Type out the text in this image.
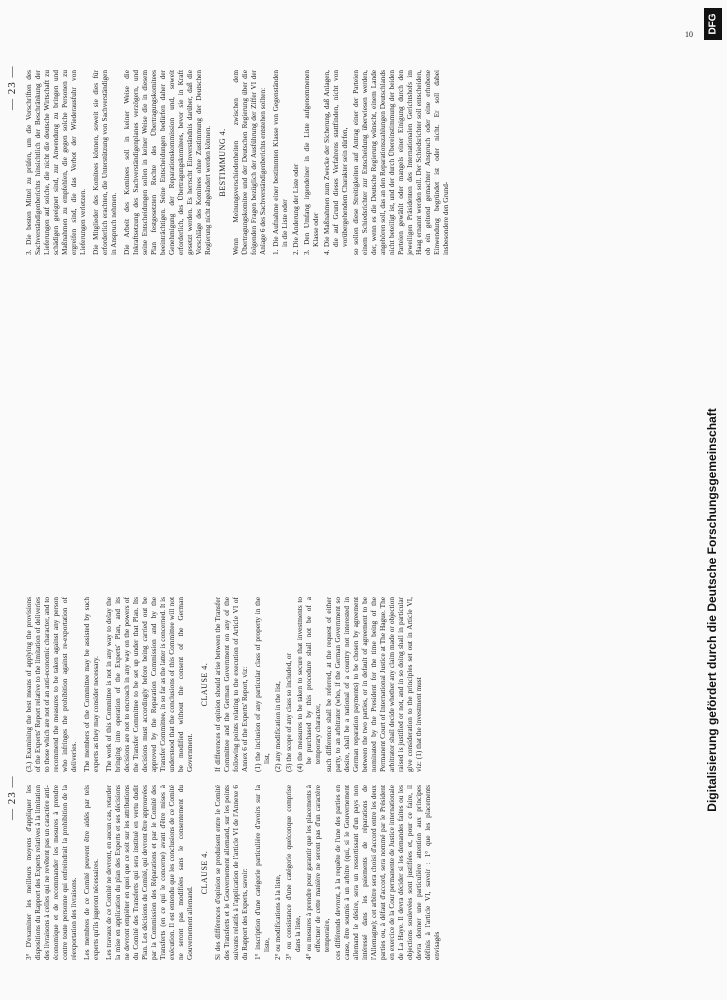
— 23 —
— 23 —

3° D'examiner les meilleurs moyens d'appliquer les dispositions du Rapport des Experts relatives à la limitation des livraisons à celles qui ne revêtent pas un caractère anti-économique et de recommander les mesures à prendre contre toute personne qui enfreindrait la prohibition de la réexportation des livraisons. Les membres de ce Comité peuvent être aidés par tels experts qu'ils jugeront nécessaires. Les travaux de ce Comité ne devront, en aucun cas, retarder la mise en application du plan des Experts et ses décisions ne devront empiéter en quoi que ce soit sur les attributions du Comité des Transferts qui sera institué en vertu dudit Plan. Les décisions du Comité, qui devront être approuvées par la Commission des Réparations et par le Comité des Transferts (en ce qui le concerne) avant d'être mises à exécution. Il est entendu que les conclusions de ce Comité ne seront pas modifiées sans le consentement du Gouvernement allemand.

CLAUSE 4. Si des différences d'opinion se produisent entre le Comité des Transferts et le Gouvernement allemand, sur les points suivants relatifs à l'application de l'article VI de l'Annexe 6 du Rapport des Experts, savoir: 1° inscription d'une catégorie particulière d'avoirs sur la liste, 2° ou modifications à la liste, 3° ou consistance d'une catégorie quelconque comprise dans la liste, 4° ou mesures à prendre pour garantir que les placements à effectuer de cette manière ne seront pas d'un caractère temporaire, ces différends devront, à la requête de l'une des parties en cause, être soumis à un arbitre (qui, si le Gouvernement allemand le désire, sera un ressortissant d'un pays non intéressé dans les paiements de réparations de l'Allemagne); cet arbitre sera choisi d'accord entre les deux parties ou, à défaut d'accord, sera nommé par le Président en exercice de la Cour permanente de Justice internationale de La Haye. Il devra décider si les demandes faites ou les objections soulevées sont justifiées et, pour ce faire, il devra donner une particulière attention aux principes définis à l'article VI, savoir : 1° que les placements envisagés

(3.) Examining the best means of applying the provisions of the Experts' Report relative to the limitation of deliveries to those which are not of an anti-economic character, and to recommend the measures to be taken against any person who infringes the prohibition against re-exportation of deliveries. The members of the Committee may be assisted by such experts as they may consider necessary. The work of this Committee is not in any way to delay the bringing into operation of the Experts' Plan, and its decisions are not to encroach in any way on the powers of the Transfer Committee to be set up under that Plan. Its decisions must accordingly before being carried out be approved by the Reparation Commission and by the Transfer Committee, in so far as the latter is concerned. It is understood that the conclusions of this Committee will not be modified without the consent of the German Government.

CLAUSE 4. If differences of opinion should arise between the Transfer Committee and the German Government on any of the following points relating to the execution of Article VI of Annex 6 of the Experts' Report, viz: (1) the inclusion of any particular class of property in the list, (2) any modification in the list, (3) the scope of any class so included, or (4) the measures to be taken to secure that investments to be purchased by this procedure shall not be of a temporary character, such difference shall be referred, at the request of either party, to an arbitrator (who, if the German Government so desire, shall be a national of a country not interested in German reparation payments) to be chosen by agreement between the two parties, or in default of agreement to be nominated by the President for the time being of the Permanent Court of International Justice at The Hague. The arbitrator shall decide whether any claim made or objection raised is justified or not, and in so doing shall in particular give consideration to the principles set out in Article VI, viz: (1) that the investment must

3. Die besten Mittel zu prüfen, um die Vorschriften des Sachverständigenberichts hinsichtlich der Beschränkung der Lieferungen auf solche, die nicht die deutsche Wirtschaft zu schädigen geeignet sind, zur Anwendung zu bringen und Maßnahmen zu empfehlen, die gegen solche Personen zu ergreifen sind, die das Verbot der Wiederausfuhr von Lieferungen verletzen. Die Mitglieder des Komitees können, soweit sie dies für erforderlich erachten, die Unterstützung von Sachverständigen in Anspruch nehmen. Die Arbeit des Komitees soll in keiner Weise die Inkraftsetzung des Sachverständigenplanes verzögern, und seine Entscheidungen sollen in keiner Weise die in diesem Plan festgesetzten Rechte des Übertragungskomitees beeinträchtigen. Seine Entscheidungen bedürfen daher der Genehmigung der Reparationskommission und, soweit erforderlich, des Übertragungskomitees, bevor sie in Kraft gesetzt werden. Es herrscht Einverständnis darüber, daß die Vorschläge des Komitees ohne Zustimmung der Deutschen Regierung nicht abgeändert werden können. BESTIMMUNG 4. Wenn Meinungsverschiedenheiten zwischen dem Übertragungskomitee und der Deutschen Regierung über die folgenden Fragen bezüglich der Ausführung der Ziffer VI der Anlage 6 des Sachverständigenberichts entstehen sollten: 1. Die Aufnahme einer bestimmten Klasse von Gegenständen in die Liste oder 2. Die Änderung der Liste oder 3. Den Umfang irgendeiner in die Liste aufgenommenen Klasse oder 4. Die Maßnahmen zum Zwecke der Sicherung, daß Anlagen, die auf Grund dieses Verfahrens stattfinden, nicht von vorübergehendem Charakter sein dürfen, so sollen diese Streitigkeiten auf Antrag einer der Parteien einem Schiedsrichter zur Entscheidung überwiesen werden, der, wenn es die Deutsche Regierung wünscht, einem Lande angehören soll, das an den Reparationszahlungen Deutschlands nicht beteiligt ist, und der durch Übereinstimmung der beiden Parteien gewählt oder mangels einer Einigung durch den jeweiligen Präsidenten des Internationalen Gerichtshofs im Haag ernannt werden soll. Der Schiedsrichter soll entscheiden, ob ein geltend gemachter Anspruch oder eine erhobene Einwendung begründet ist oder nicht. Er soll dabei insbesondere den Grund-

DFG
10
Digitalisierung gefördert durch die Deutsche Forschungsgemeinschaft
